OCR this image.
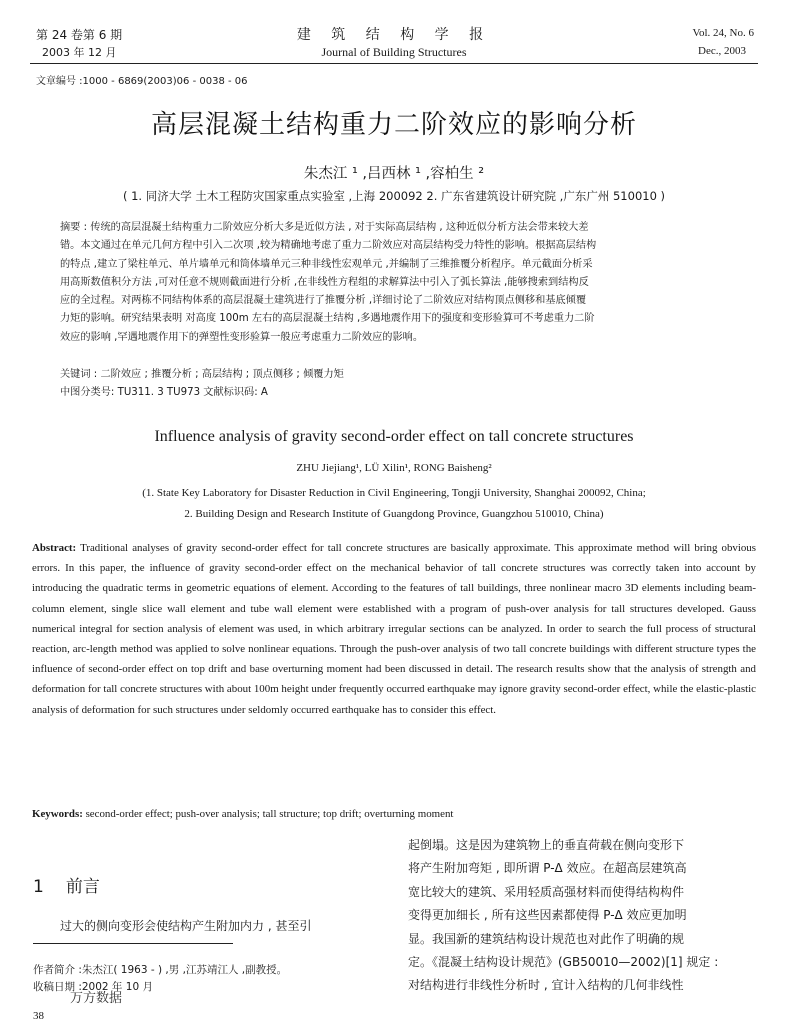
第 24 卷第 6 期
2003 年 12 月
建 筑 结 构 学 报
Journal of Building Structures
Vol. 24, No. 6
Dec., 2003
文章编号 :1000 - 6869(2003)06 - 0038 - 06
高层混凝土结构重力二阶效应的影响分析
朱杰江 ¹ ,吕西林 ¹ ,容柏生 ²
( 1. 同济大学 土木工程防灾国家重点实验室 ,上海 200092 2. 广东省建筑设计研究院 ,广东广州 510010 )
摘要 : 传统的高层混凝土结构重力二阶效应分析大多是近似方法 , 对于实际高层结构 , 这种近似分析方法会带来较大差
错。本文通过在单元几何方程中引入二次项 ,较为精确地考虑了重力二阶效应对高层结构受力特性的影响。根据高层结构
的特点 ,建立了梁柱单元、单片墙单元和筒体墙单元三种非线性宏观单元 ,并编制了三维推覆分析程序。单元截面分析采
用高斯数值积分方法 ,可对任意不规则截面进行分析 ,在非线性方程组的求解算法中引入了弧长算法 ,能够搜索到结构反
应的全过程。对两栋不同结构体系的高层混凝土建筑进行了推覆分析 ,详细讨论了二阶效应对结构顶点侧移和基底倾覆
力矩的影响。研究结果表明 对高度 100m 左右的高层混凝土结构 ,多遇地震作用下的强度和变形验算可不考虑重力二阶
效应的影响 ,罕遇地震作用下的弹塑性变形验算一般应考虑重力二阶效应的影响。
关键词 : 二阶效应 ; 推覆分析 ; 高层结构 ; 顶点侧移 ; 倾覆力矩
中图分类号: TU311. 3 TU973 文献标识码: A
Influence analysis of gravity second-order effect on tall concrete structures
ZHU Jiejiang¹, LÜ Xilin¹, RONG Baisheng²
(1. State Key Laboratory for Disaster Reduction in Civil Engineering, Tongji University, Shanghai 200092, China;
2. Building Design and Research Institute of Guangdong Province, Guangzhou 510010, China)
Abstract: Traditional analyses of gravity second-order effect for tall concrete structures are basically approximate. This approximate method will bring obvious errors. In this paper, the influence of gravity second-order effect on the mechanical behavior of tall concrete structures was correctly taken into account by introducing the quadratic terms in geometric equations of element. According to the features of tall buildings, three nonlinear macro 3D elements including beam-column element, single slice wall element and tube wall element were established with a program of push-over analysis for tall structures developed. Gauss numerical integral for section analysis of element was used, in which arbitrary irregular sections can be analyzed. In order to search the full process of structural reaction, arc-length method was applied to solve nonlinear equations. Through the push-over analysis of two tall concrete buildings with different structure types the influence of second-order effect on top drift and base overturning moment had been discussed in detail. The research results show that the analysis of strength and deformation for tall concrete structures with about 100m height under frequently occurred earthquake may ignore gravity second-order effect, while the elastic-plastic analysis of deformation for such structures under seldomly occurred earthquake has to consider this effect.
Keywords: second-order effect; push-over analysis; tall structure; top drift; overturning moment
1 前言
过大的侧向变形会使结构产生附加内力 , 甚至引
作者简介 :朱杰江( 1963 - ) ,男 ,江苏靖江人 ,副教授。
收稿日期 :2002 年 10 月
万方数据
38
起倒塌。这是因为建筑物上的垂直荷载在侧向变形下
将产生附加弯矩 , 即所谓 P-Δ 效应。在超高层建筑高
宽比较大的建筑、采用轻质高强材料而使得结构构件
变得更加细长 , 所有这些因素都使得 P-Δ 效应更加明
显。我国新的建筑结构设计规范也对此作了明确的规
定。《混凝土结构设计规范》(GB50010—2002)[1] 规定 :
对结构进行非线性分析时 , 宜计入结构的几何非线性
